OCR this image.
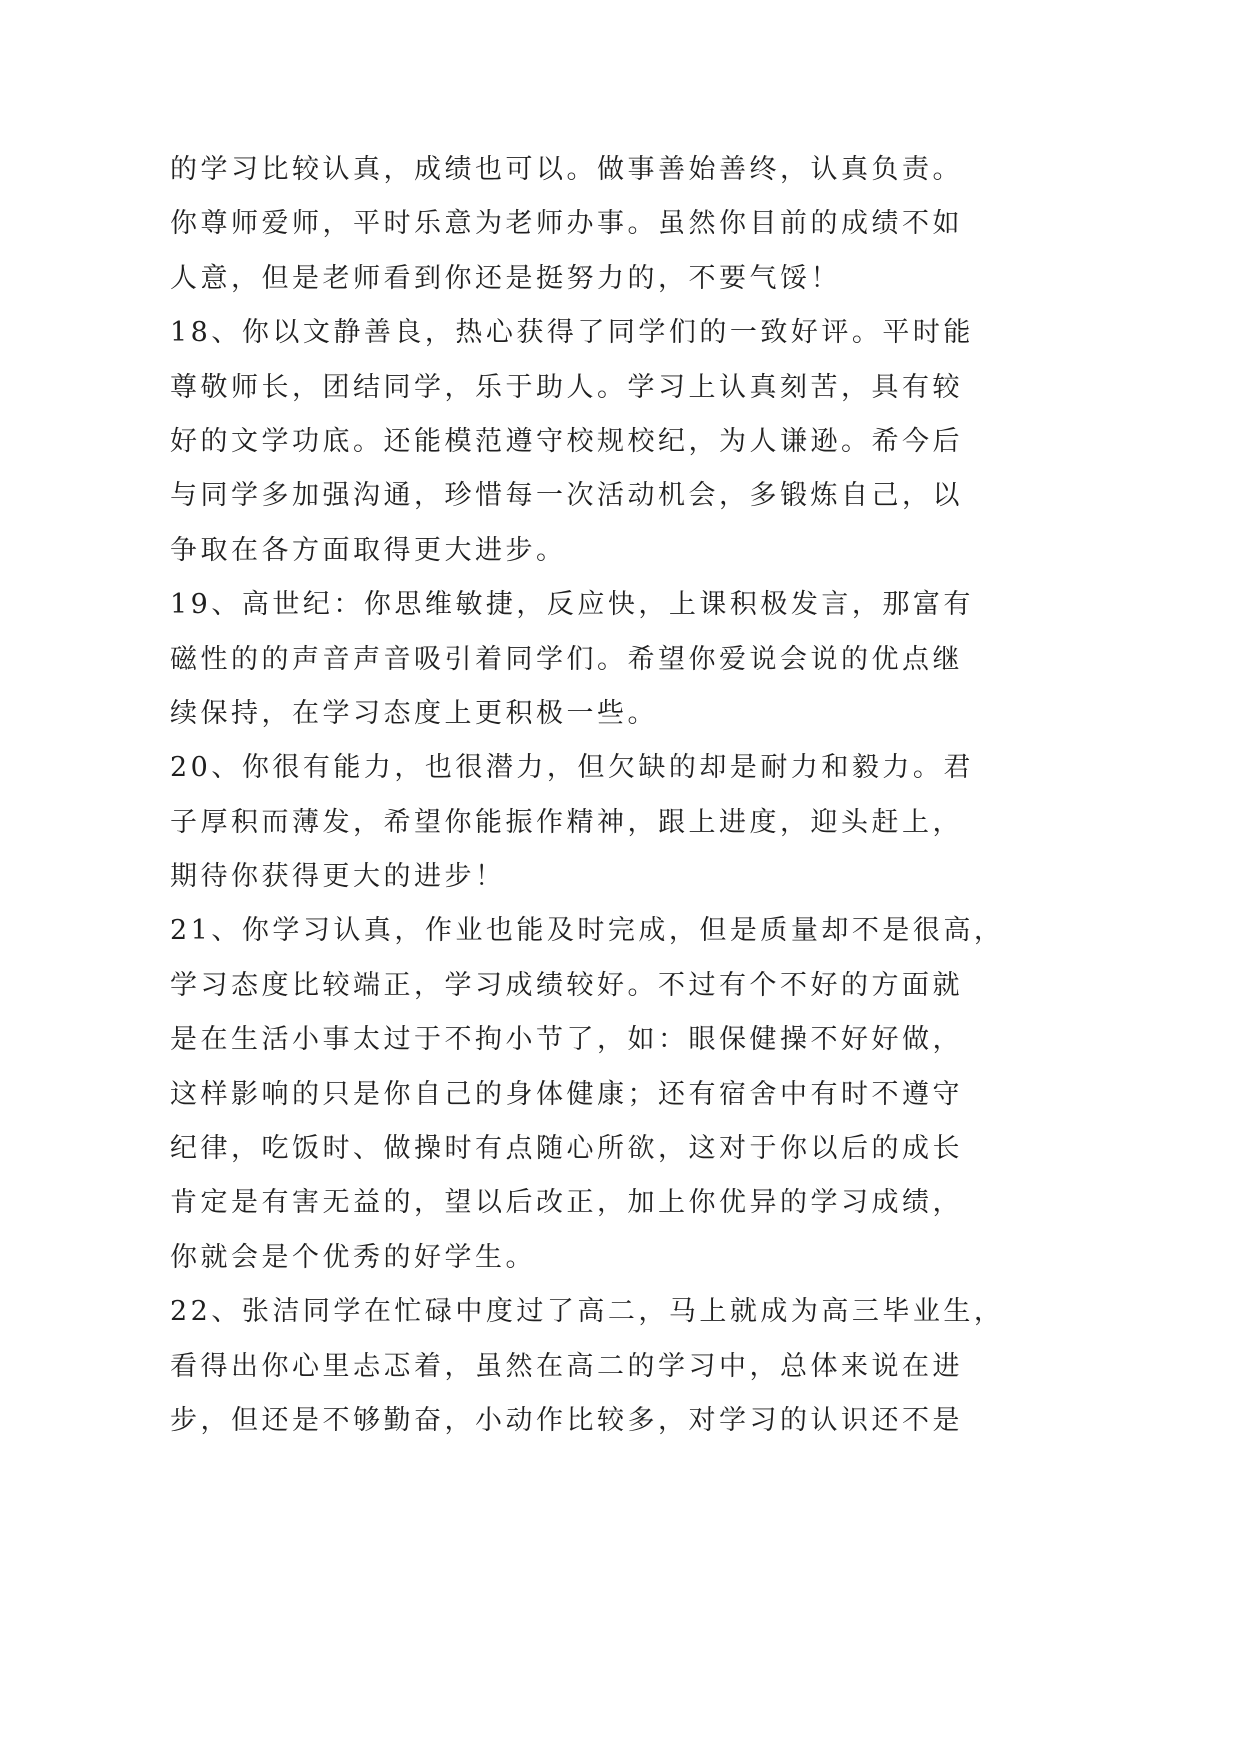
的学习比较认真，成绩也可以。做事善始善终，认真负责。
你尊师爱师，平时乐意为老师办事。虽然你目前的成绩不如
人意，但是老师看到你还是挺努力的，不要气馁！
18、你以文静善良，热心获得了同学们的一致好评。平时能
尊敬师长，团结同学，乐于助人。学习上认真刻苦，具有较
好的文学功底。还能模范遵守校规校纪，为人谦逊。希今后
与同学多加强沟通，珍惜每一次活动机会，多锻炼自己，以
争取在各方面取得更大进步。
19、高世纪：你思维敏捷，反应快，上课积极发言，那富有
磁性的的声音声音吸引着同学们。希望你爱说会说的优点继
续保持，在学习态度上更积极一些。
20、你很有能力，也很潜力，但欠缺的却是耐力和毅力。君
子厚积而薄发，希望你能振作精神，跟上进度，迎头赶上，
期待你获得更大的进步！
21、你学习认真，作业也能及时完成，但是质量却不是很高，
学习态度比较端正，学习成绩较好。不过有个不好的方面就
是在生活小事太过于不拘小节了，如：眼保健操不好好做，
这样影响的只是你自己的身体健康；还有宿舍中有时不遵守
纪律，吃饭时、做操时有点随心所欲，这对于你以后的成长
肯定是有害无益的，望以后改正，加上你优异的学习成绩，
你就会是个优秀的好学生。
22、张洁同学在忙碌中度过了高二，马上就成为高三毕业生，
看得出你心里忐忑着，虽然在高二的学习中，总体来说在进
步，但还是不够勤奋，小动作比较多，对学习的认识还不是
